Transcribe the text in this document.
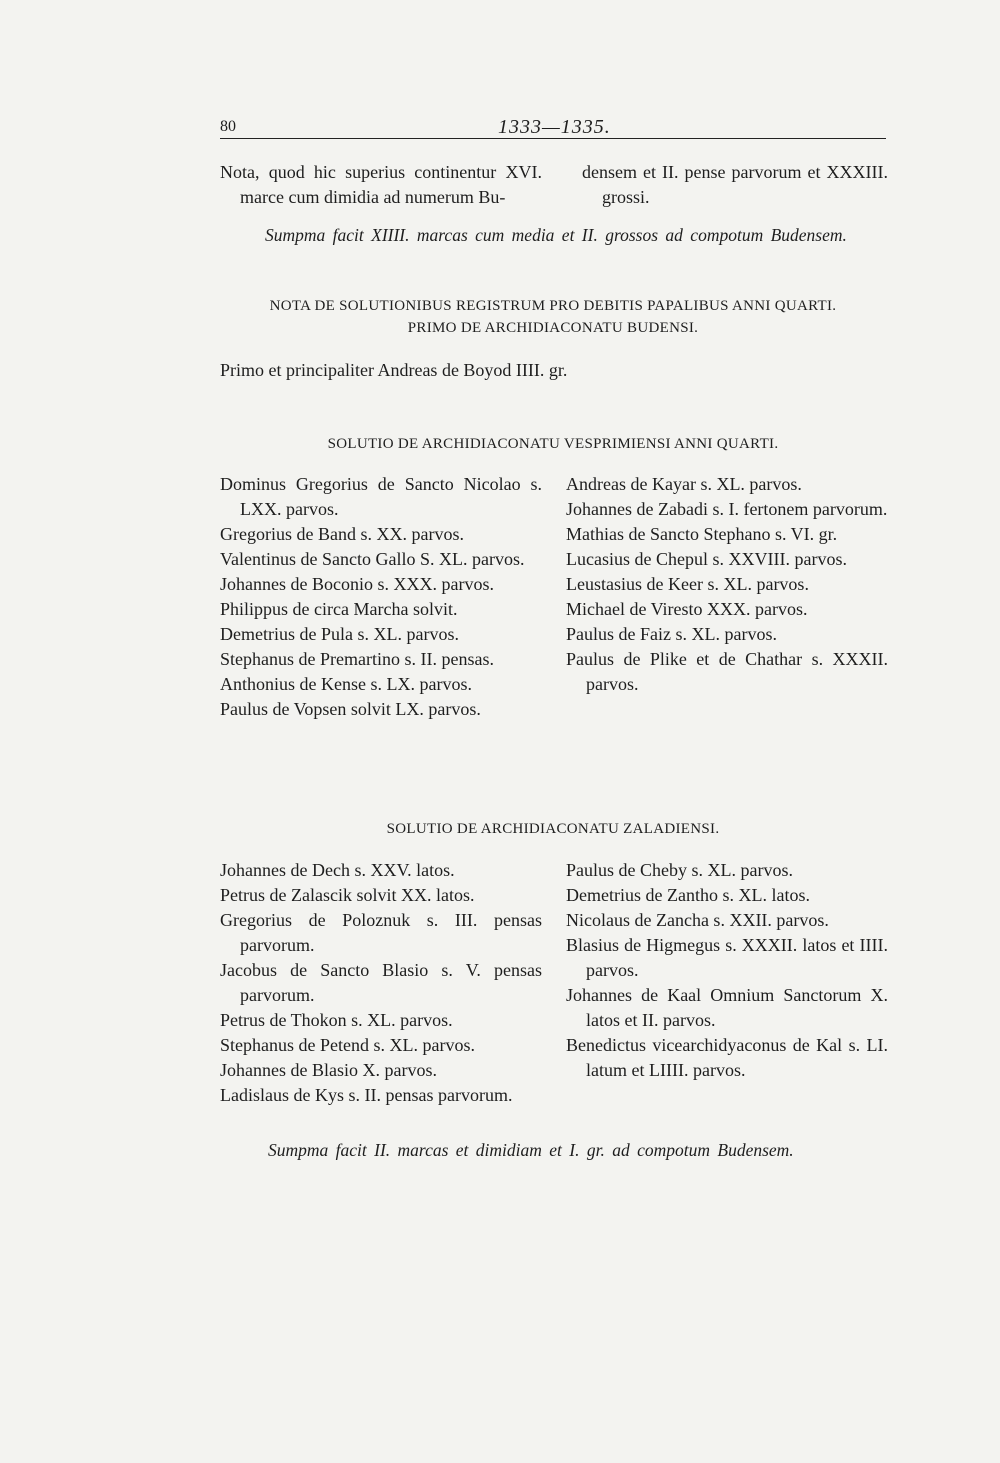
80	1333—1335.

Nota, quod hic superius continentur XVI. marce cum dimidia ad numerum Bu-

densem et II. pense parvorum et XXXIII. grossi.

Sumpma facit XIIII. marcas cum media et II. grossos ad compotum Budensem.
NOTA DE SOLUTIONIBUS REGISTRUM PRO DEBITIS PAPALIBUS ANNI QUARTI.
PRIMO DE ARCHIDIACONATU BUDENSI.
Primo et principaliter Andreas de Boyod IIII. gr.
SOLUTIO DE ARCHIDIACONATU VESPRIMIENSI ANNI QUARTI.

Dominus Gregorius de Sancto Nicolao s. LXX. parvos.

Gregorius de Band s. XX. parvos.

Valentinus de Sancto Gallo S. XL. parvos.

Johannes de Boconio s. XXX. parvos.

Philippus de circa Marcha solvit.

Demetrius de Pula s. XL. parvos.

Stephanus de Premartino s. II. pensas.

Anthonius de Kense s. LX. parvos.

Paulus de Vopsen solvit LX. parvos.

Andreas de Kayar s. XL. parvos.

Johannes de Zabadi s. I. fertonem parvorum.

Mathias de Sancto Stephano s. VI. gr.

Lucasius de Chepul s. XXVIII. parvos.

Leustasius de Keer s. XL. parvos.

Michael de Viresto XXX. parvos.

Paulus de Faiz s. XL. parvos.

Paulus de Plike et de Chathar s. XXXII. parvos.

SOLUTIO DE ARCHIDIACONATU ZALADIENSI.

Johannes de Dech s. XXV. latos.

Petrus de Zalascik solvit XX. latos.

Gregorius de Poloznuk s. III. pensas parvorum.

Jacobus de Sancto Blasio s. V. pensas parvorum.

Petrus de Thokon s. XL. parvos.

Stephanus de Petend s. XL. parvos.

Johannes de Blasio X. parvos.

Ladislaus de Kys s. II. pensas parvorum.

Paulus de Cheby s. XL. parvos.

Demetrius de Zantho s. XL. latos.

Nicolaus de Zancha s. XXII. parvos.

Blasius de Higmegus s. XXXII. latos et IIII. parvos.

Johannes de Kaal Omnium Sanctorum X. latos et II. parvos.

Benedictus vicearchidyaconus de Kal s. LI. latum et LIIII. parvos.

Sumpma facit II. marcas et dimidiam et I. gr. ad compotum Budensem.
